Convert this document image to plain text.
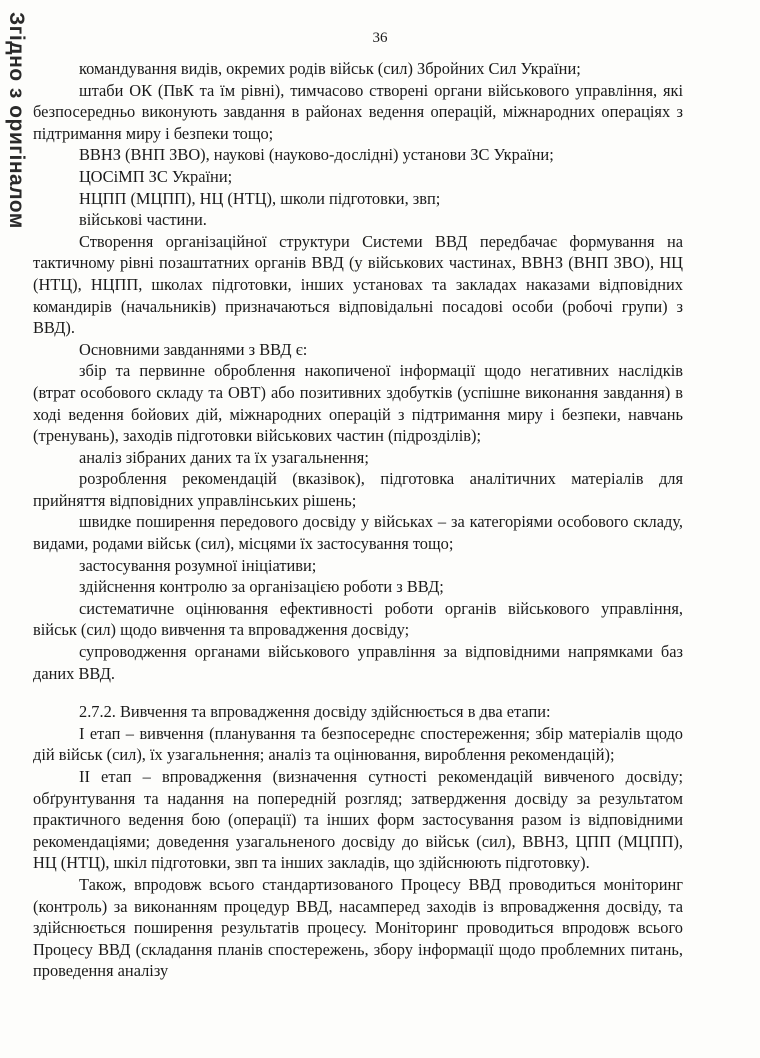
36
Згідно з оригіналом	командування видів, окремих родів військ (сил) Збройних Сил України;

штаби ОК (ПвК та їм рівні), тимчасово створені органи військового управління, які безпосередньо виконують завдання в районах ведення операцій, міжнародних операціях з підтримання миру і безпеки тощо;

ВВНЗ (ВНП ЗВО), наукові (науково-дослідні) установи ЗС України;

ЦОСіМП ЗС України;

НЦПП (МЦПП), НЦ (НТЦ), школи підготовки, звп;

військові частини.

Створення організаційної структури Системи ВВД передбачає формування на тактичному рівні позаштатних органів ВВД (у військових частинах, ВВНЗ (ВНП ЗВО), НЦ (НТЦ), НЦПП, школах підготовки, інших установах та закладах наказами відповідних командирів (начальників) призначаються відповідальні посадові особи (робочі групи) з ВВД).

Основними завданнями з ВВД є:

збір та первинне оброблення накопиченої інформації щодо негативних наслідків (втрат особового складу та ОВТ) або позитивних здобутків (успішне виконання завдання) в ході ведення бойових дій, міжнародних операцій з підтримання миру і безпеки, навчань (тренувань), заходів підготовки військових частин (підрозділів);

аналіз зібраних даних та їх узагальнення;

розроблення рекомендацій (вказівок), підготовка аналітичних матеріалів для прийняття відповідних управлінських рішень;

швидке поширення передового досвіду у військах – за категоріями особового складу, видами, родами військ (сил), місцями їх застосування тощо;

застосування розумної ініціативи;

здійснення контролю за організацією роботи з ВВД;

систематичне оцінювання ефективності роботи органів військового управління, військ (сил) щодо вивчення та впровадження досвіду;

супроводження органами військового управління за відповідними напрямками баз даних ВВД.

2.7.2. Вивчення та впровадження досвіду здійснюється в два етапи:

І етап – вивчення (планування та безпосереднє спостереження; збір матеріалів щодо дій військ (сил), їх узагальнення; аналіз та оцінювання, вироблення рекомендацій);

ІІ етап – впровадження (визначення сутності рекомендацій вивченого досвіду; обґрунтування та надання на попередній розгляд; затвердження досвіду за результатом практичного ведення бою (операції) та інших форм застосування разом із відповідними рекомендаціями; доведення узагальненого досвіду до військ (сил), ВВНЗ, ЦПП (МЦПП), НЦ (НТЦ), шкіл підготовки, звп та інших закладів, що здійснюють підготовку).

Також, впродовж всього стандартизованого Процесу ВВД проводиться моніторинг (контроль) за виконанням процедур ВВД, насамперед заходів із впровадження досвіду, та здійснюється поширення результатів процесу. Моніторинг проводиться впродовж всього Процесу ВВД (складання планів спостережень, збору інформації щодо проблемних питань, проведення аналізу
